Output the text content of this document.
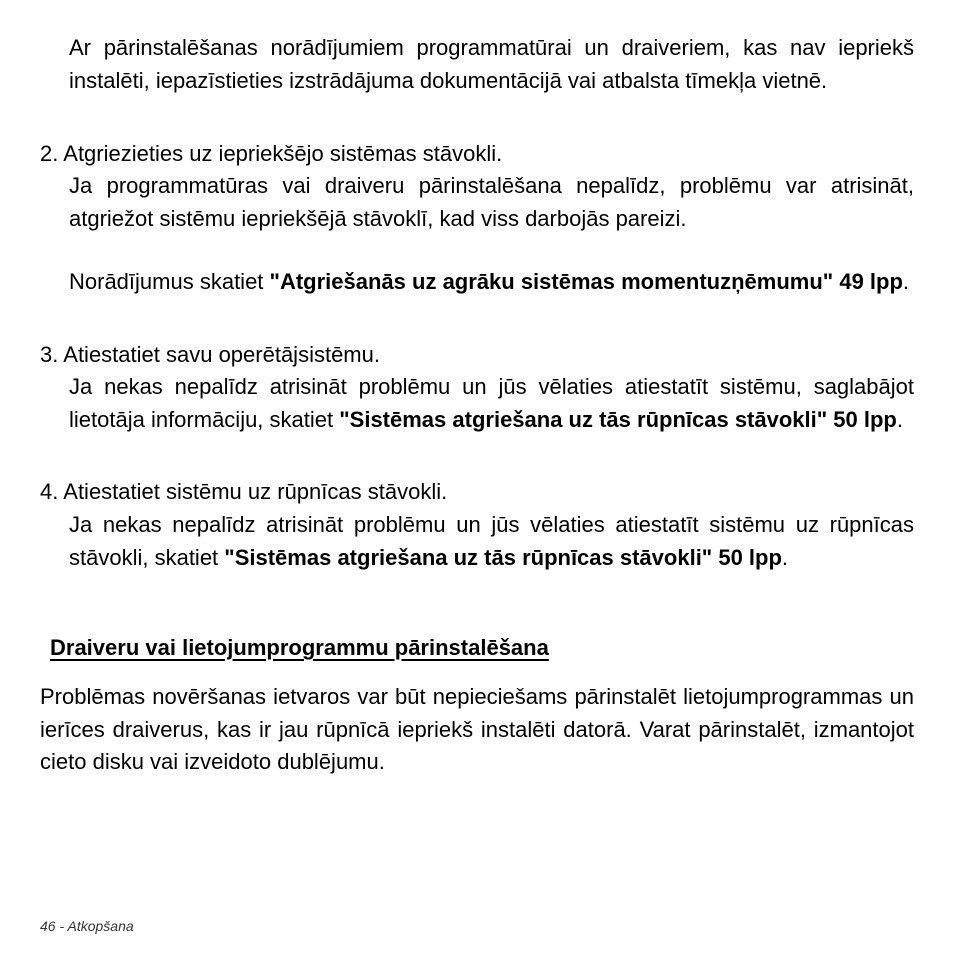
Ar pārinstalēšanas norādījumiem programmatūrai un draiveriem, kas nav iepriekš instalēti, iepazīstieties izstrādājuma dokumentācijā vai atbalsta tīmekļa vietnē.

2. Atgriezieties uz iepriekšējo sistēmas stāvokli.

Ja programmatūras vai draiveru pārinstalēšana nepalīdz, problēmu var atrisināt, atgriežot sistēmu iepriekšējā stāvoklī, kad viss darbojās pareizi.

Norādījumus skatiet "Atgriešanās uz agrāku sistēmas momentuzņēmumu" 49 lpp.

3. Atiestatiet savu operētājsistēmu.

Ja nekas nepalīdz atrisināt problēmu un jūs vēlaties atiestatīt sistēmu, saglabājot lietotāja informāciju, skatiet "Sistēmas atgriešana uz tās rūpnīcas stāvokli" 50 lpp.

4. Atiestatiet sistēmu uz rūpnīcas stāvokli.

Ja nekas nepalīdz atrisināt problēmu un jūs vēlaties atiestatīt sistēmu uz rūpnīcas stāvokli, skatiet "Sistēmas atgriešana uz tās rūpnīcas stāvokli" 50 lpp.

Draiveru vai lietojumprogrammu pārinstalēšana

Problēmas novēršanas ietvaros var būt nepieciešams pārinstalēt lietojumprogrammas un ierīces draiverus, kas ir jau rūpnīcā iepriekš instalēti datorā. Varat pārinstalēt, izmantojot cieto disku vai izveidoto dublējumu.

46 - Atkopšana
